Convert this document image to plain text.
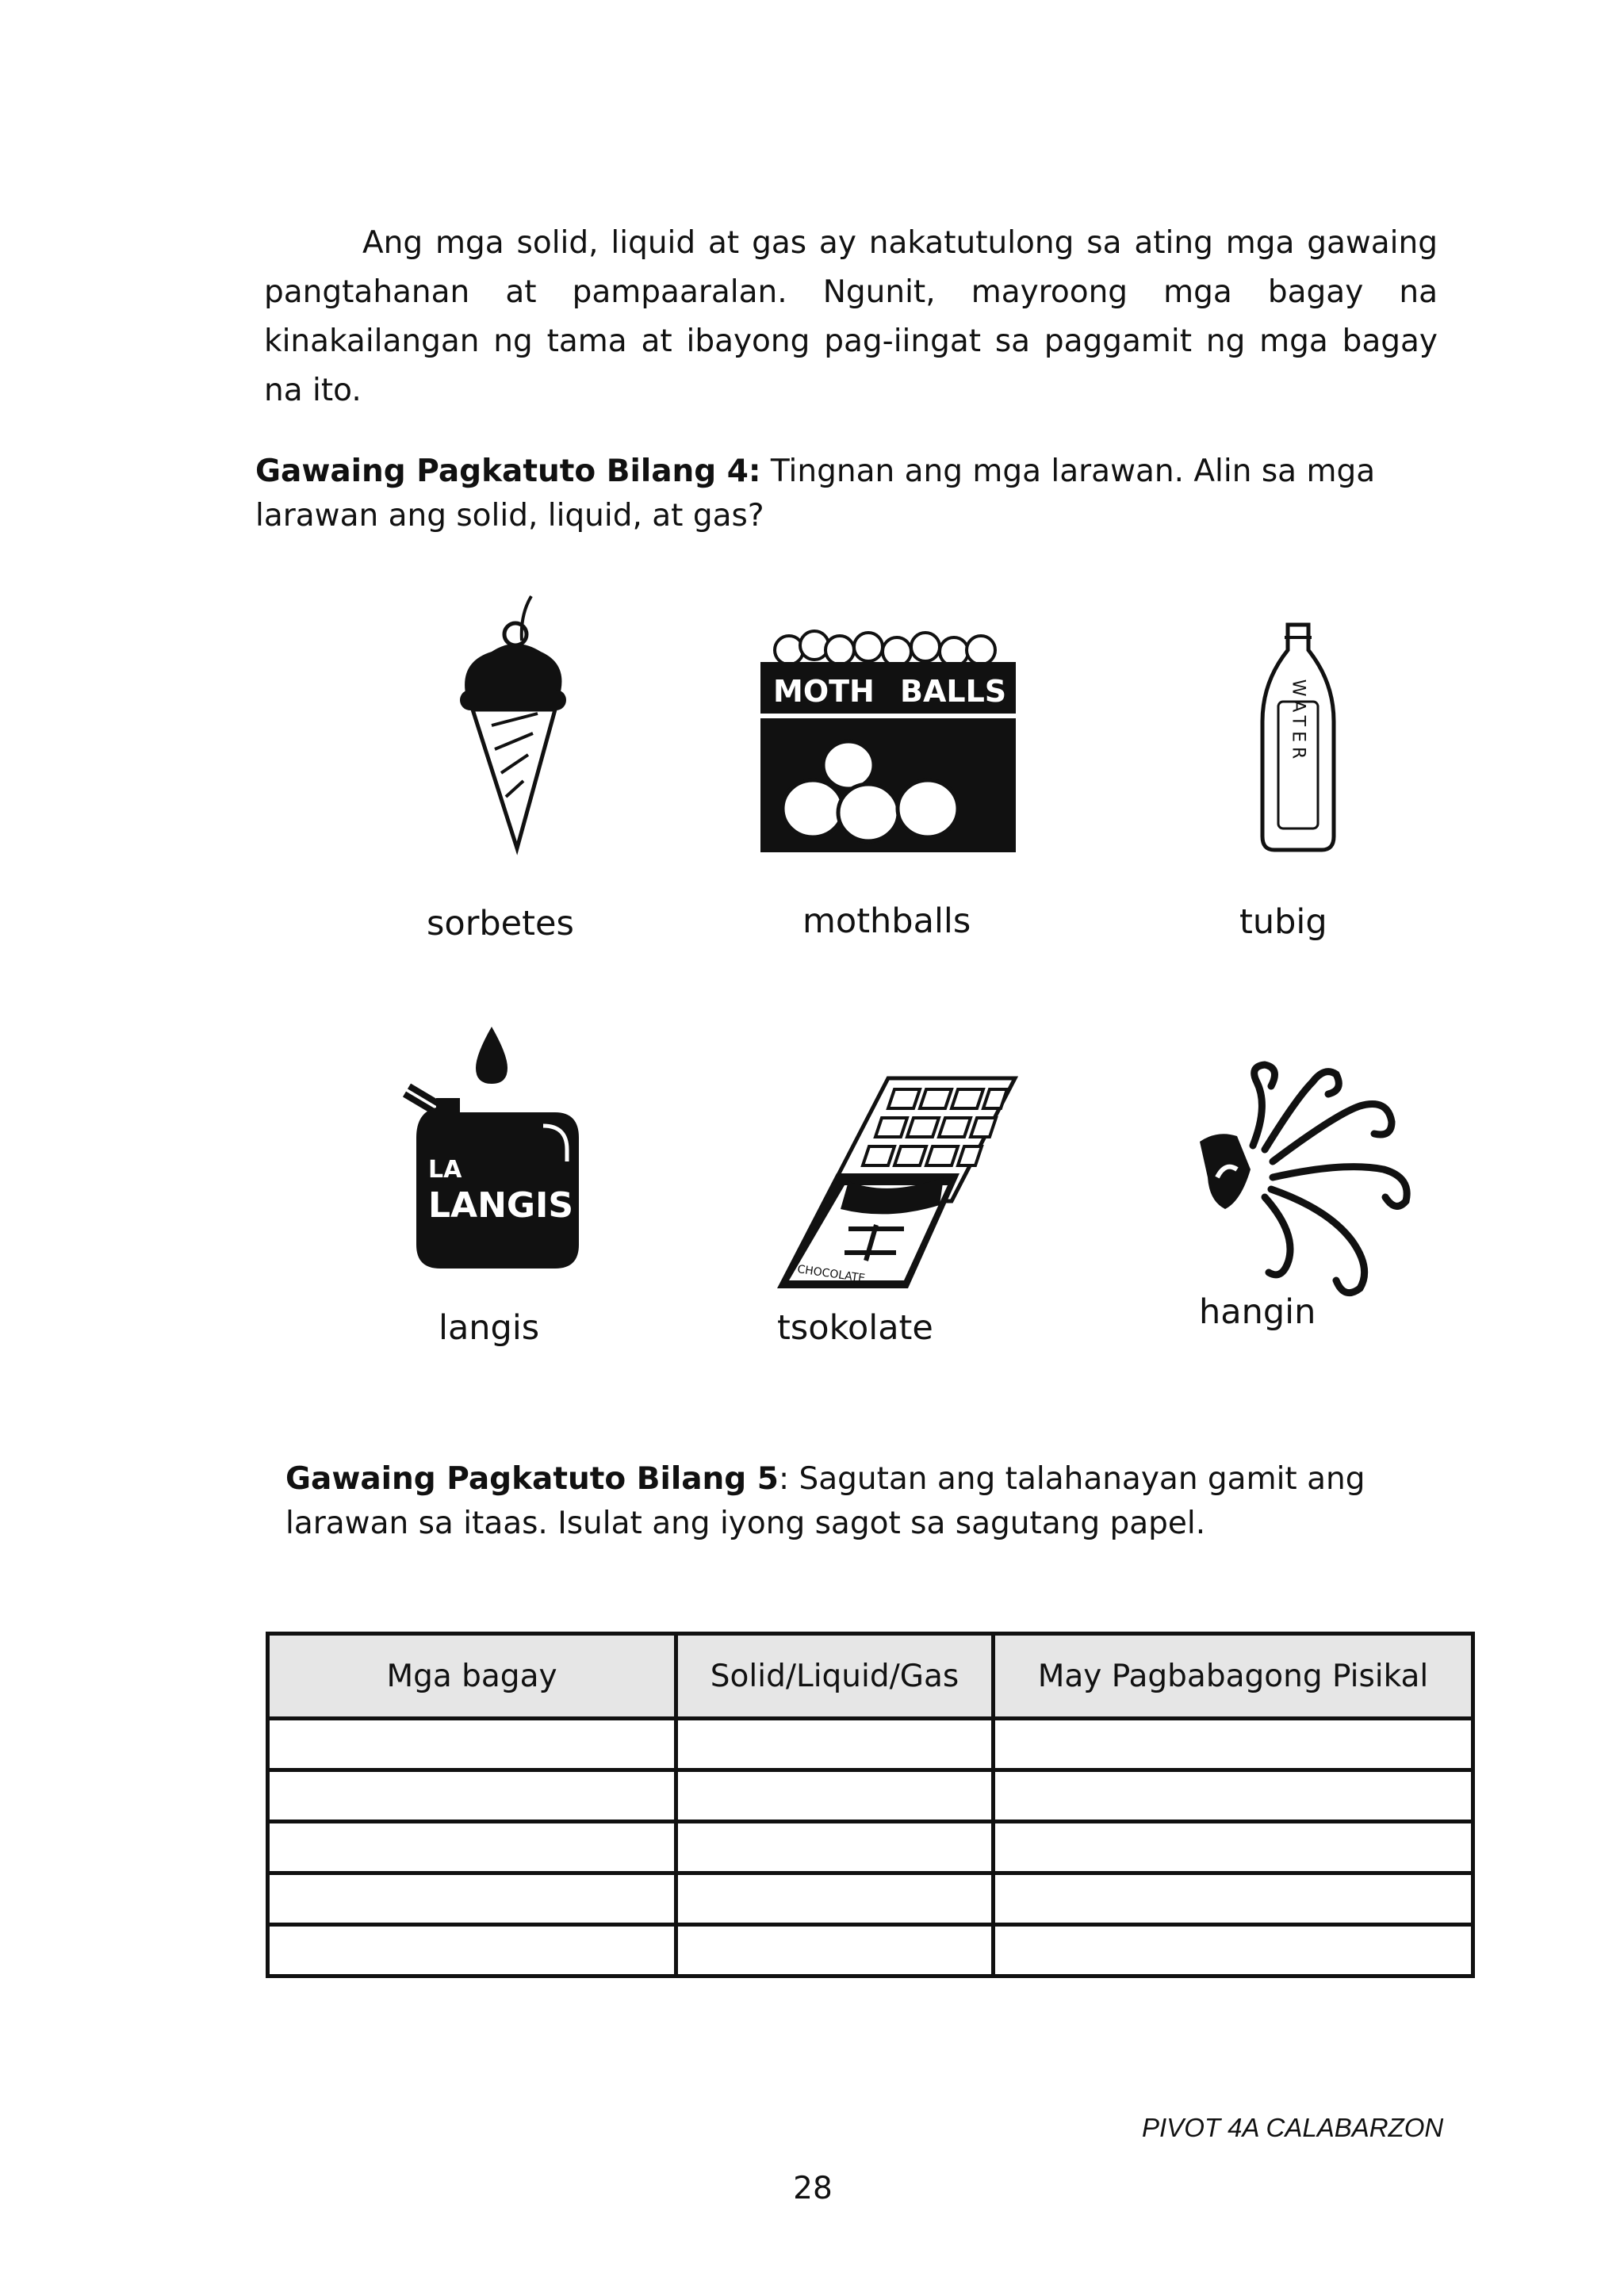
Ang mga solid, liquid at gas ay nakatutulong sa ating mga gawaing pangtahanan at pampaaralan. Ngunit, mayroong mga bagay na kinakailangan ng tama at ibayong pag-iingat sa paggamit ng mga bagay na ito.

Gawaing Pagkatuto Bilang 4: Tingnan ang mga larawan. Alin sa mga larawan ang solid, liquid, at gas?

sorbetes
MOTH BALLS
mothballs
WATER
tubig
LA
LANGIS
langis
CHOCOLATE
tsokolate	hangin

Gawaing Pagkatuto Bilang 5: Sagutan ang talahanayan gamit ang larawan sa itaas. Isulat ang iyong sagot sa sagutang papel.

Mga bagay	Solid/Liquid/Gas	May Pagbabagong Pisikal

PIVOT 4A CALABARZON
28
